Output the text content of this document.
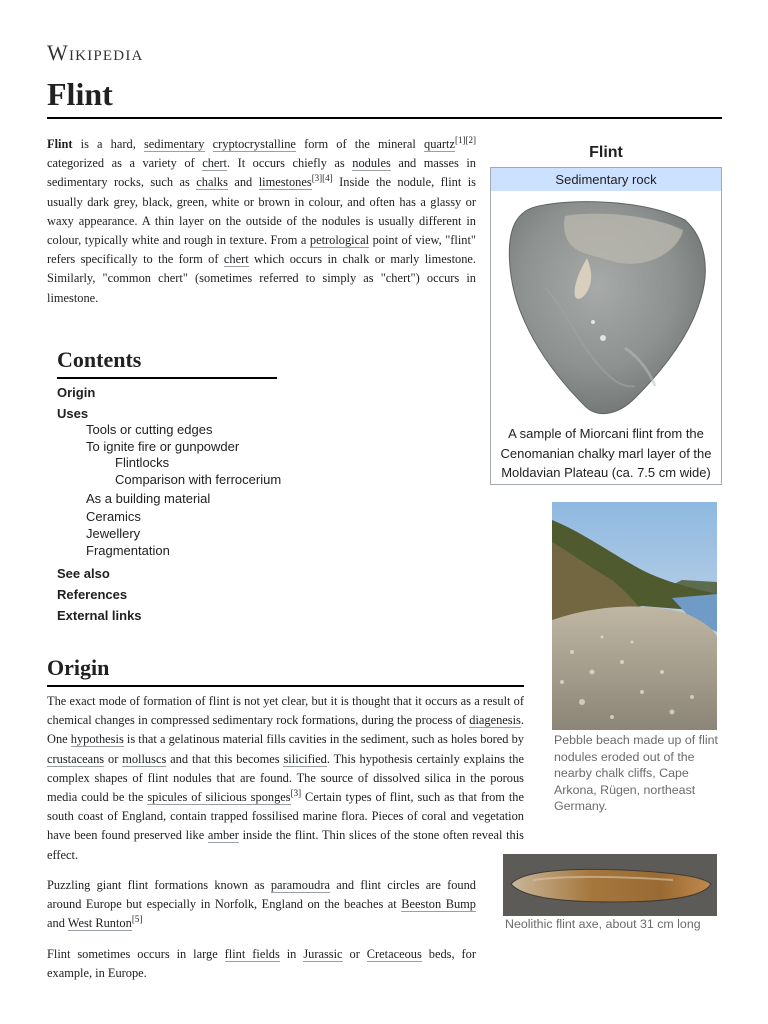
Wikipedia
Flint

Flint is a hard, sedimentary cryptocrystalline form of the mineral quartz[1][2] categorized as a variety of chert. It occurs chiefly as nodules and masses in sedimentary rocks, such as chalks and limestones[3][4] Inside the nodule, flint is usually dark grey, black, green, white or brown in colour, and often has a glassy or waxy appearance. A thin layer on the outside of the nodules is usually different in colour, typically white and rough in texture. From a petrological point of view, "flint" refers specifically to the form of chert which occurs in chalk or marly limestone. Similarly, "common chert" (sometimes referred to simply as "chert") occurs in limestone.

Flint
Sedimentary rock
A sample of Miorcani flint from the Cenomanian chalky marl layer of the Moldavian Plateau (ca. 7.5 cm wide)
Contents
Origin
Uses
Tools or cutting edges
To ignite fire or gunpowder
Flintlocks
Comparison with ferrocerium
As a building material
Ceramics
Jewellery
Fragmentation
See also
References
External links
Origin

The exact mode of formation of flint is not yet clear, but it is thought that it occurs as a result of chemical changes in compressed sedimentary rock formations, during the process of diagenesis. One hypothesis is that a gelatinous material fills cavities in the sediment, such as holes bored by crustaceans or molluscs and that this becomes silicified. This hypothesis certainly explains the complex shapes of flint nodules that are found. The source of dissolved silica in the porous media could be the spicules of silicious sponges[3] Certain types of flint, such as that from the south coast of England, contain trapped fossilised marine flora. Pieces of coral and vegetation have been found preserved like amber inside the flint. Thin slices of the stone often reveal this effect.

Puzzling giant flint formations known as paramoudra and flint circles are found around Europe but especially in Norfolk, England on the beaches at Beeston Bump and West Runton[5]

Flint sometimes occurs in large flint fields in Jurassic or Cretaceous beds, for example, in Europe.

Pebble beach made up of flint nodules eroded out of the nearby chalk cliffs, Cape Arkona, Rügen, northeast Germany.
Neolithic flint axe, about 31 cm long
